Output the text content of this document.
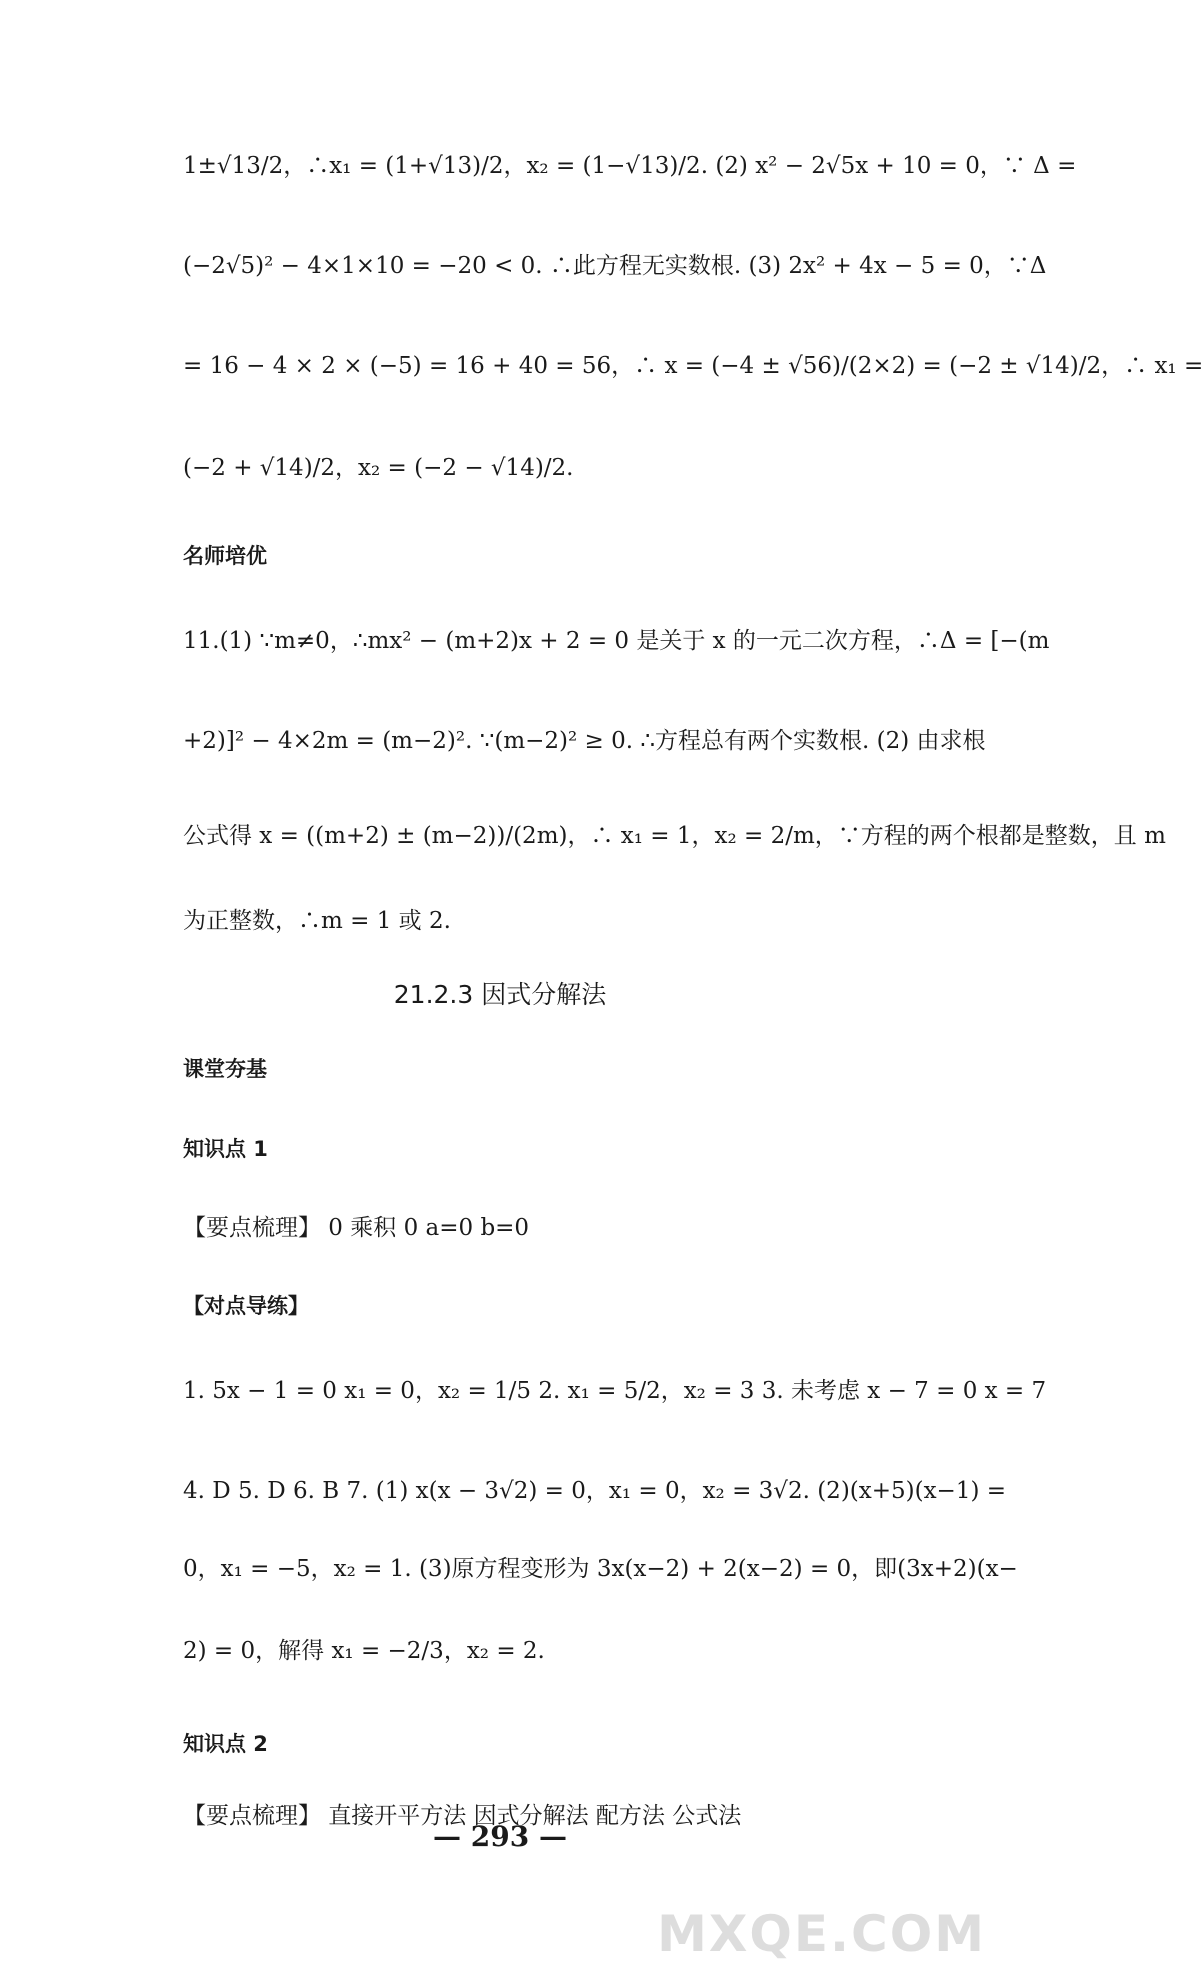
1±√13/2，∴x₁ = (1+√13)/2，x₂ = (1−√13)/2. (2) x² − 2√5x + 10 = 0，∵ Δ =
(−2√5)² − 4×1×10 = −20 < 0. ∴此方程无实数根. (3) 2x² + 4x − 5 = 0，∵Δ
= 16 − 4 × 2 × (−5) = 16 + 40 = 56，∴ x = (−4 ± √56)/(2×2) = (−2 ± √14)/2，∴ x₁ =
(−2 + √14)/2，x₂ = (−2 − √14)/2.
名师培优
11.(1) ∵m≠0，∴mx² − (m+2)x + 2 = 0 是关于 x 的一元二次方程，∴Δ = [−(m
+2)]² − 4×2m = (m−2)². ∵(m−2)² ≥ 0. ∴方程总有两个实数根. (2) 由求根
公式得 x = ((m+2) ± (m−2))/(2m)，∴ x₁ = 1，x₂ = 2/m，∵方程的两个根都是整数，且 m
为正整数，∴m = 1 或 2.
21.2.3 因式分解法
课堂夯基
知识点 1
【要点梳理】 0 乘积 0 a=0 b=0
【对点导练】
1. 5x − 1 = 0 x₁ = 0，x₂ = 1/5 2. x₁ = 5/2，x₂ = 3 3. 未考虑 x − 7 = 0 x = 7
4. D 5. D 6. B 7. (1) x(x − 3√2) = 0，x₁ = 0，x₂ = 3√2. (2)(x+5)(x−1) =
0，x₁ = −5，x₂ = 1. (3)原方程变形为 3x(x−2) + 2(x−2) = 0，即(3x+2)(x−
2) = 0，解得 x₁ = −2/3，x₂ = 2.
知识点 2
【要点梳理】 直接开平方法 因式分解法 配方法 公式法
— 293 —
MXQE.COM
